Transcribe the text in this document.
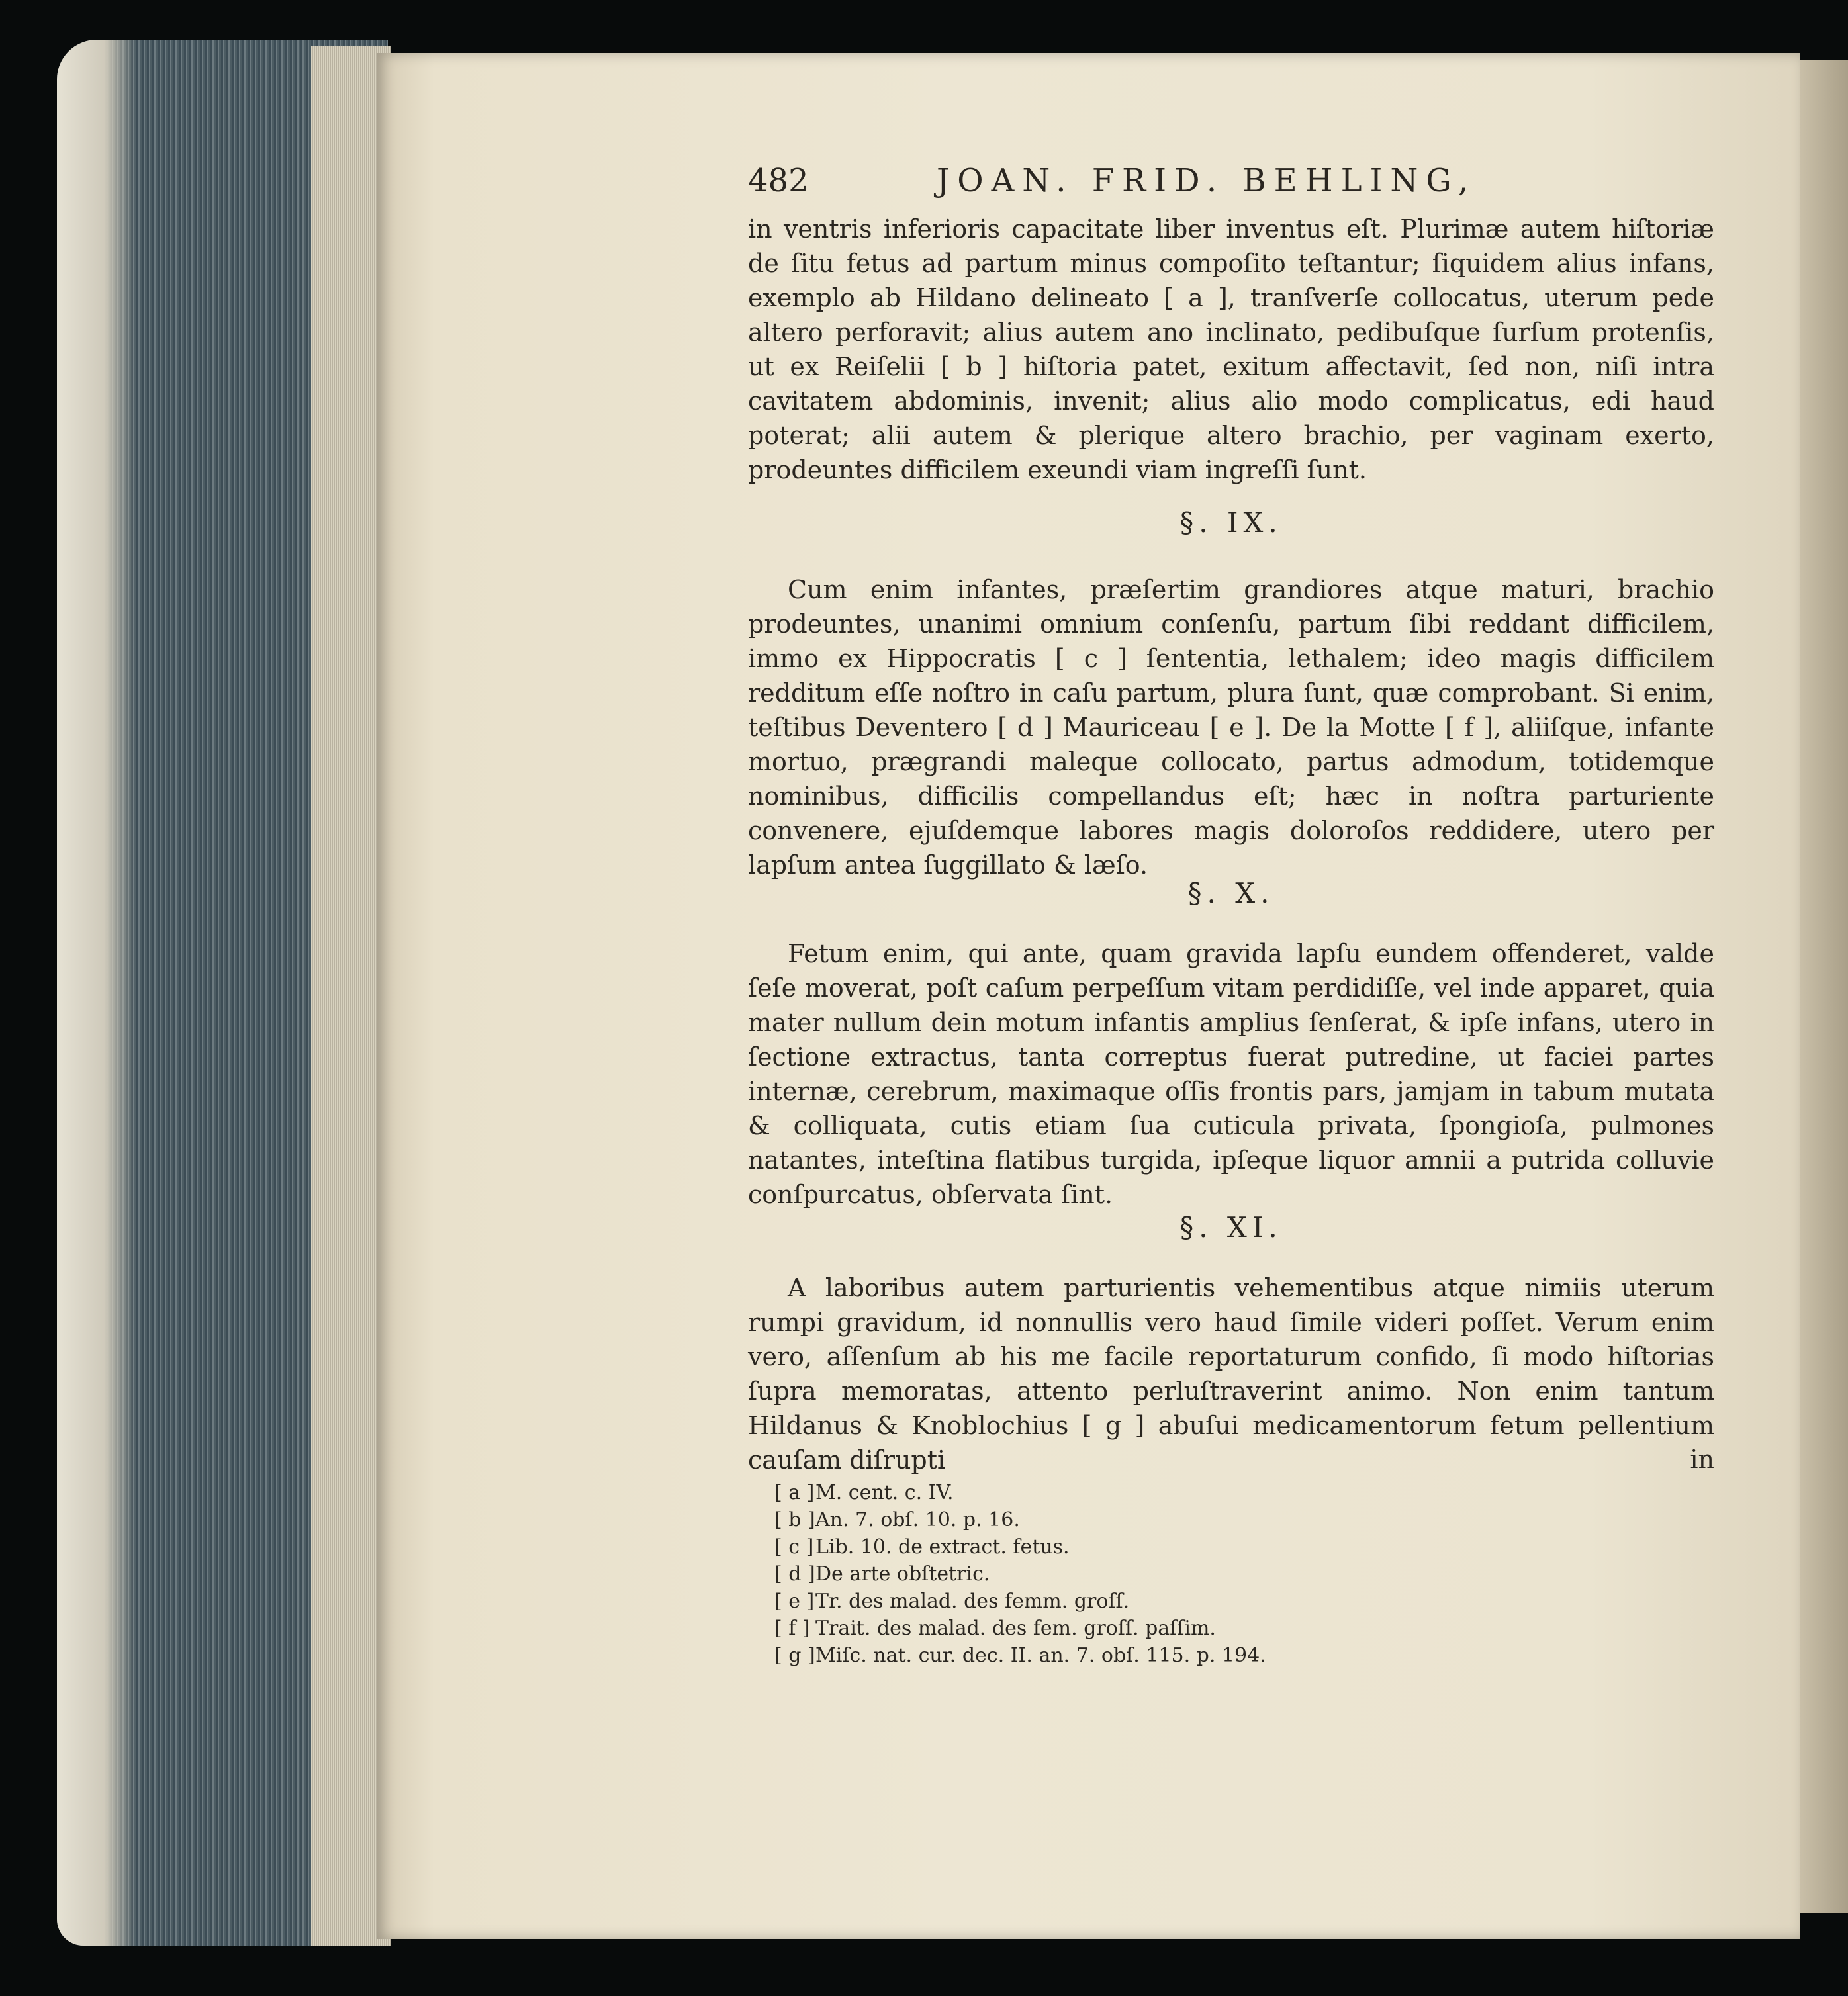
482	JOAN. FRID. BEHLING,

in ventris inferioris capacitate liber inventus eſt. Plurimæ autem hiſtoriæ de ſitu fetus ad partum minus compoſito teſtantur; ſiquidem alius infans, exemplo ab Hildano delineato [ a ], tranſverſe collocatus, uterum pede altero perforavit; alius autem ano inclinato, pedibuſque ſurſum protenſis, ut ex Reiſelii [ b ] hiſtoria patet, exitum affectavit, ſed non, niſi intra cavitatem abdominis, invenit; alius alio modo complicatus, edi haud poterat; alii autem & plerique altero brachio, per vaginam exerto, prodeuntes difficilem exeundi viam ingreſſi ſunt.

§. IX.

Cum enim infantes, præſertim grandiores atque maturi, brachio prodeuntes, unanimi omnium conſenſu, partum ſibi reddant difficilem, immo ex Hippocratis [ c ] ſententia, lethalem; ideo magis difficilem redditum eſſe noſtro in caſu partum, plura ſunt, quæ comprobant. Si enim, teſtibus Deventero [ d ] Mauriceau [ e ]. De la Motte [ f ], aliiſque, infante mortuo, prægrandi maleque collocato, partus admodum, totidemque nominibus, difficilis compellandus eſt; hæc in noſtra parturiente convenere, ejuſdemque labores magis doloroſos reddidere, utero per lapſum antea ſuggillato & læſo.

§. X.

Fetum enim, qui ante, quam gravida lapſu eundem offenderet, valde ſeſe moverat, poſt caſum perpeſſum vitam perdidiſſe, vel inde apparet, quia mater nullum dein motum infantis amplius ſenſerat, & ipſe infans, utero in ſectione extractus, tanta correptus fuerat putredine, ut faciei partes internæ, cerebrum, maximaque oſſis frontis pars, jamjam in tabum mutata & colliquata, cutis etiam ſua cuticula privata, ſpongioſa, pulmones natantes, inteſtina flatibus turgida, ipſeque liquor amnii a putrida colluvie conſpurcatus, obſervata ſint.

§. XI.

A laboribus autem parturientis vehementibus atque nimiis uterum rumpi gravidum, id nonnullis vero haud ſimile videri poſſet. Verum enim vero, aſſenſum ab his me facile reportaturum confido, ſi modo hiſtorias ſupra memoratas, attento perluſtraverint animo. Non enim tantum Hildanus & Knoblochius [ g ] abuſui medicamentorum fetum pellentium cauſam diſrupti	in
[ a ]M. cent. c. IV.
[ b ]An. 7. obſ. 10. p. 16.
[ c ]Lib. 10. de extract. fetus.
[ d ]De arte obſtetric.
[ e ]Tr. des malad. des femm. groſſ.
[ f ] Trait. des malad. des fem. groſſ. paſſim.
[ g ]Miſc. nat. cur. dec. II. an. 7. obſ. 115. p. 194.
